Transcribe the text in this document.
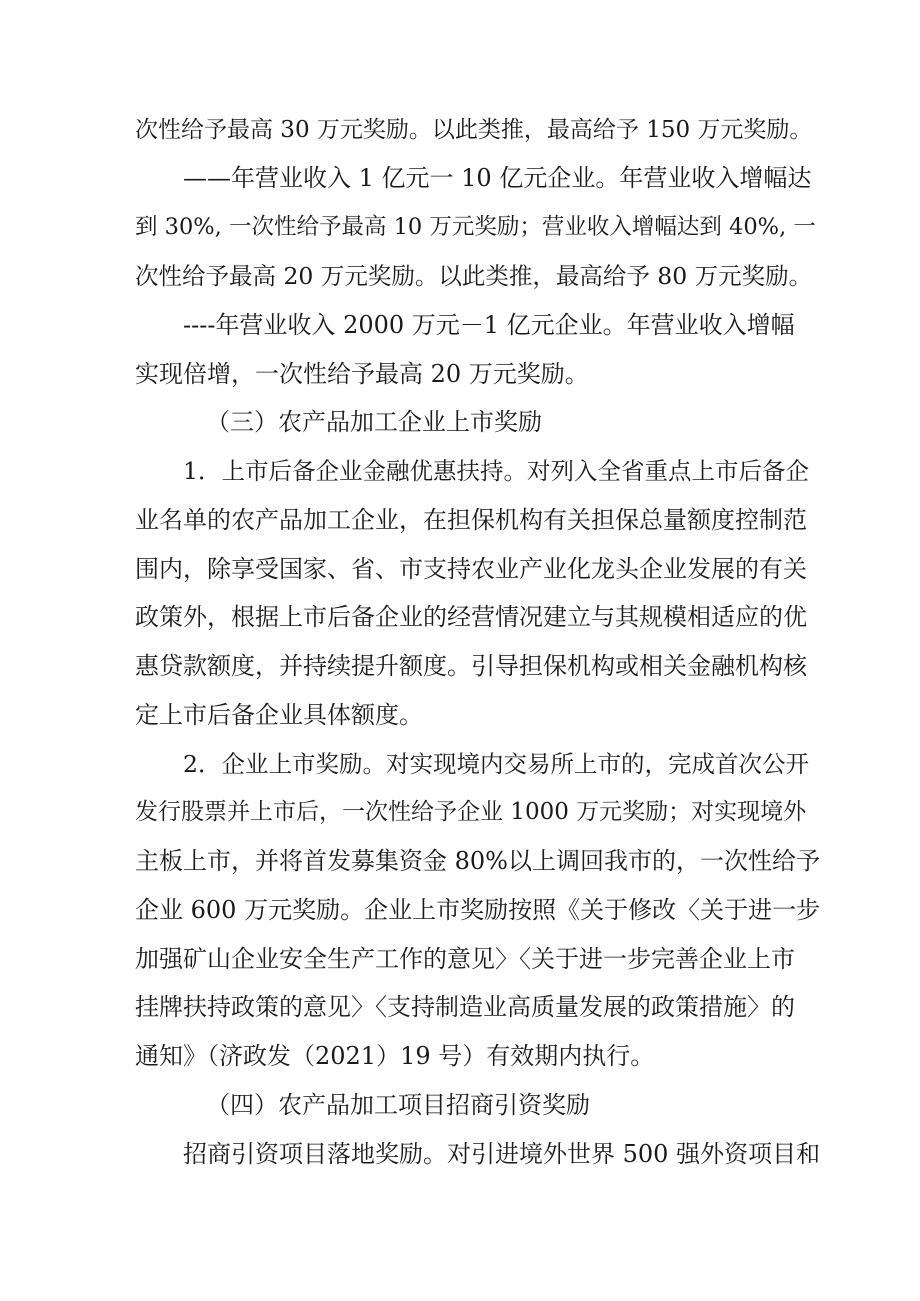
次性给予最高 30 万元奖励。以此类推，最高给予 150 万元奖励。
——年营业收入 1 亿元一 10 亿元企业。年营业收入增幅达
到 30%, 一次性给予最高 10 万元奖励；营业收入增幅达到 40%, 一
次性给予最高 20 万元奖励。以此类推，最高给予 80 万元奖励。
----年营业收入 2000 万元－1 亿元企业。年营业收入增幅
实现倍增，一次性给予最高 20 万元奖励。
（三）农产品加工企业上市奖励
1．上市后备企业金融优惠扶持。对列入全省重点上市后备企
业名单的农产品加工企业，在担保机构有关担保总量额度控制范
围内，除享受国家、省、市支持农业产业化龙头企业发展的有关
政策外，根据上市后备企业的经营情况建立与其规模相适应的优
惠贷款额度，并持续提升额度。引导担保机构或相关金融机构核
定上市后备企业具体额度。
2．企业上市奖励。对实现境内交易所上市的，完成首次公开
发行股票并上市后，一次性给予企业 1000 万元奖励；对实现境外
主板上市，并将首发募集资金 80%以上调回我市的，一次性给予
企业 600 万元奖励。企业上市奖励按照《关于修改〈关于进一步
加强矿山企业安全生产工作的意见〉〈关于进一步完善企业上市
挂牌扶持政策的意见〉〈支持制造业高质量发展的政策措施〉的
通知》（济政发（2021）19 号）有效期内执行。
（四）农产品加工项目招商引资奖励
招商引资项目落地奖励。对引进境外世界 500 强外资项目和
